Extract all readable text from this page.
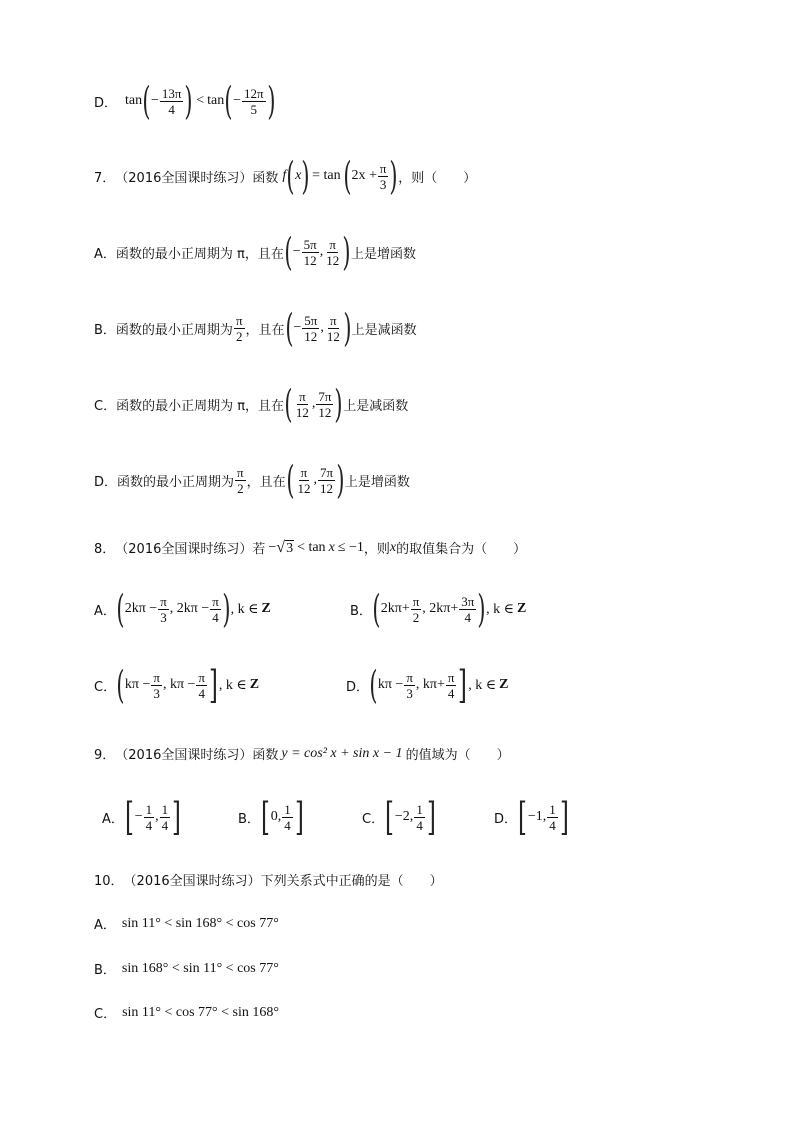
D． tan ( − $\frac{13\pi}{4}$ ) < tan ( − $\frac{12\pi}{5}$ )
7． （2016全国课时练习）函数 f ( x ) = tan ( $2x + \frac{\pi}{3}$ ) ，则（　　）
A． 函数的最小正周期为 π，且在 ( − $\frac{5\pi}{12}$ , $\frac{\pi}{12}$ ) 上是增函数
B． 函数的最小正周期为 $\frac{\pi}{2}$ ，且在 ( − $\frac{5\pi}{12}$ , $\frac{\pi}{12}$ ) 上是减函数
C． 函数的最小正周期为 π，且在 ( $\frac{\pi}{12}$ , $\frac{7\pi}{12}$ ) 上是减函数
D． 函数的最小正周期为 $\frac{\pi}{2}$ ，且在 ( $\frac{\pi}{12}$ , $\frac{7\pi}{12}$ ) 上是增函数
8． （2016全国课时练习）若 − √ 3 < tan x ≤ −1 ，则 x 的取值集合为（　　）
A． ( $2k\pi - \frac{\pi}{3}$ , $2k\pi - \frac{\pi}{4}$ ) , k ∈ Z	B． ( $2k\pi+ \frac{\pi}{2}$ , $2k\pi+ \frac{3\pi}{4}$ ) , k ∈ Z
C． ( $k\pi - \frac{\pi}{3}$ , $k\pi - \frac{\pi}{4}$ ] , k ∈ Z	D． ( $k\pi - \frac{\pi}{3}$ , $k\pi+ \frac{\pi}{4}$ ] , k ∈ Z
9． （2016全国课时练习）函数 y = cos² x + sin x − 1 的值域为（　　）
A． [ − $\frac{1}{4}$ , $\frac{1}{4}$ ]	B． [ 0, $\frac{1}{4}$ ]	C． [ −2, $\frac{1}{4}$ ]	D． [ −1, $\frac{1}{4}$ ]
10． （2016全国课时练习）下列关系式中正确的是（　　）
A． sin 11° < sin 168° < cos 77°
B． sin 168° < sin 11° < cos 77°
C． sin 11° < cos 77° < sin 168°
